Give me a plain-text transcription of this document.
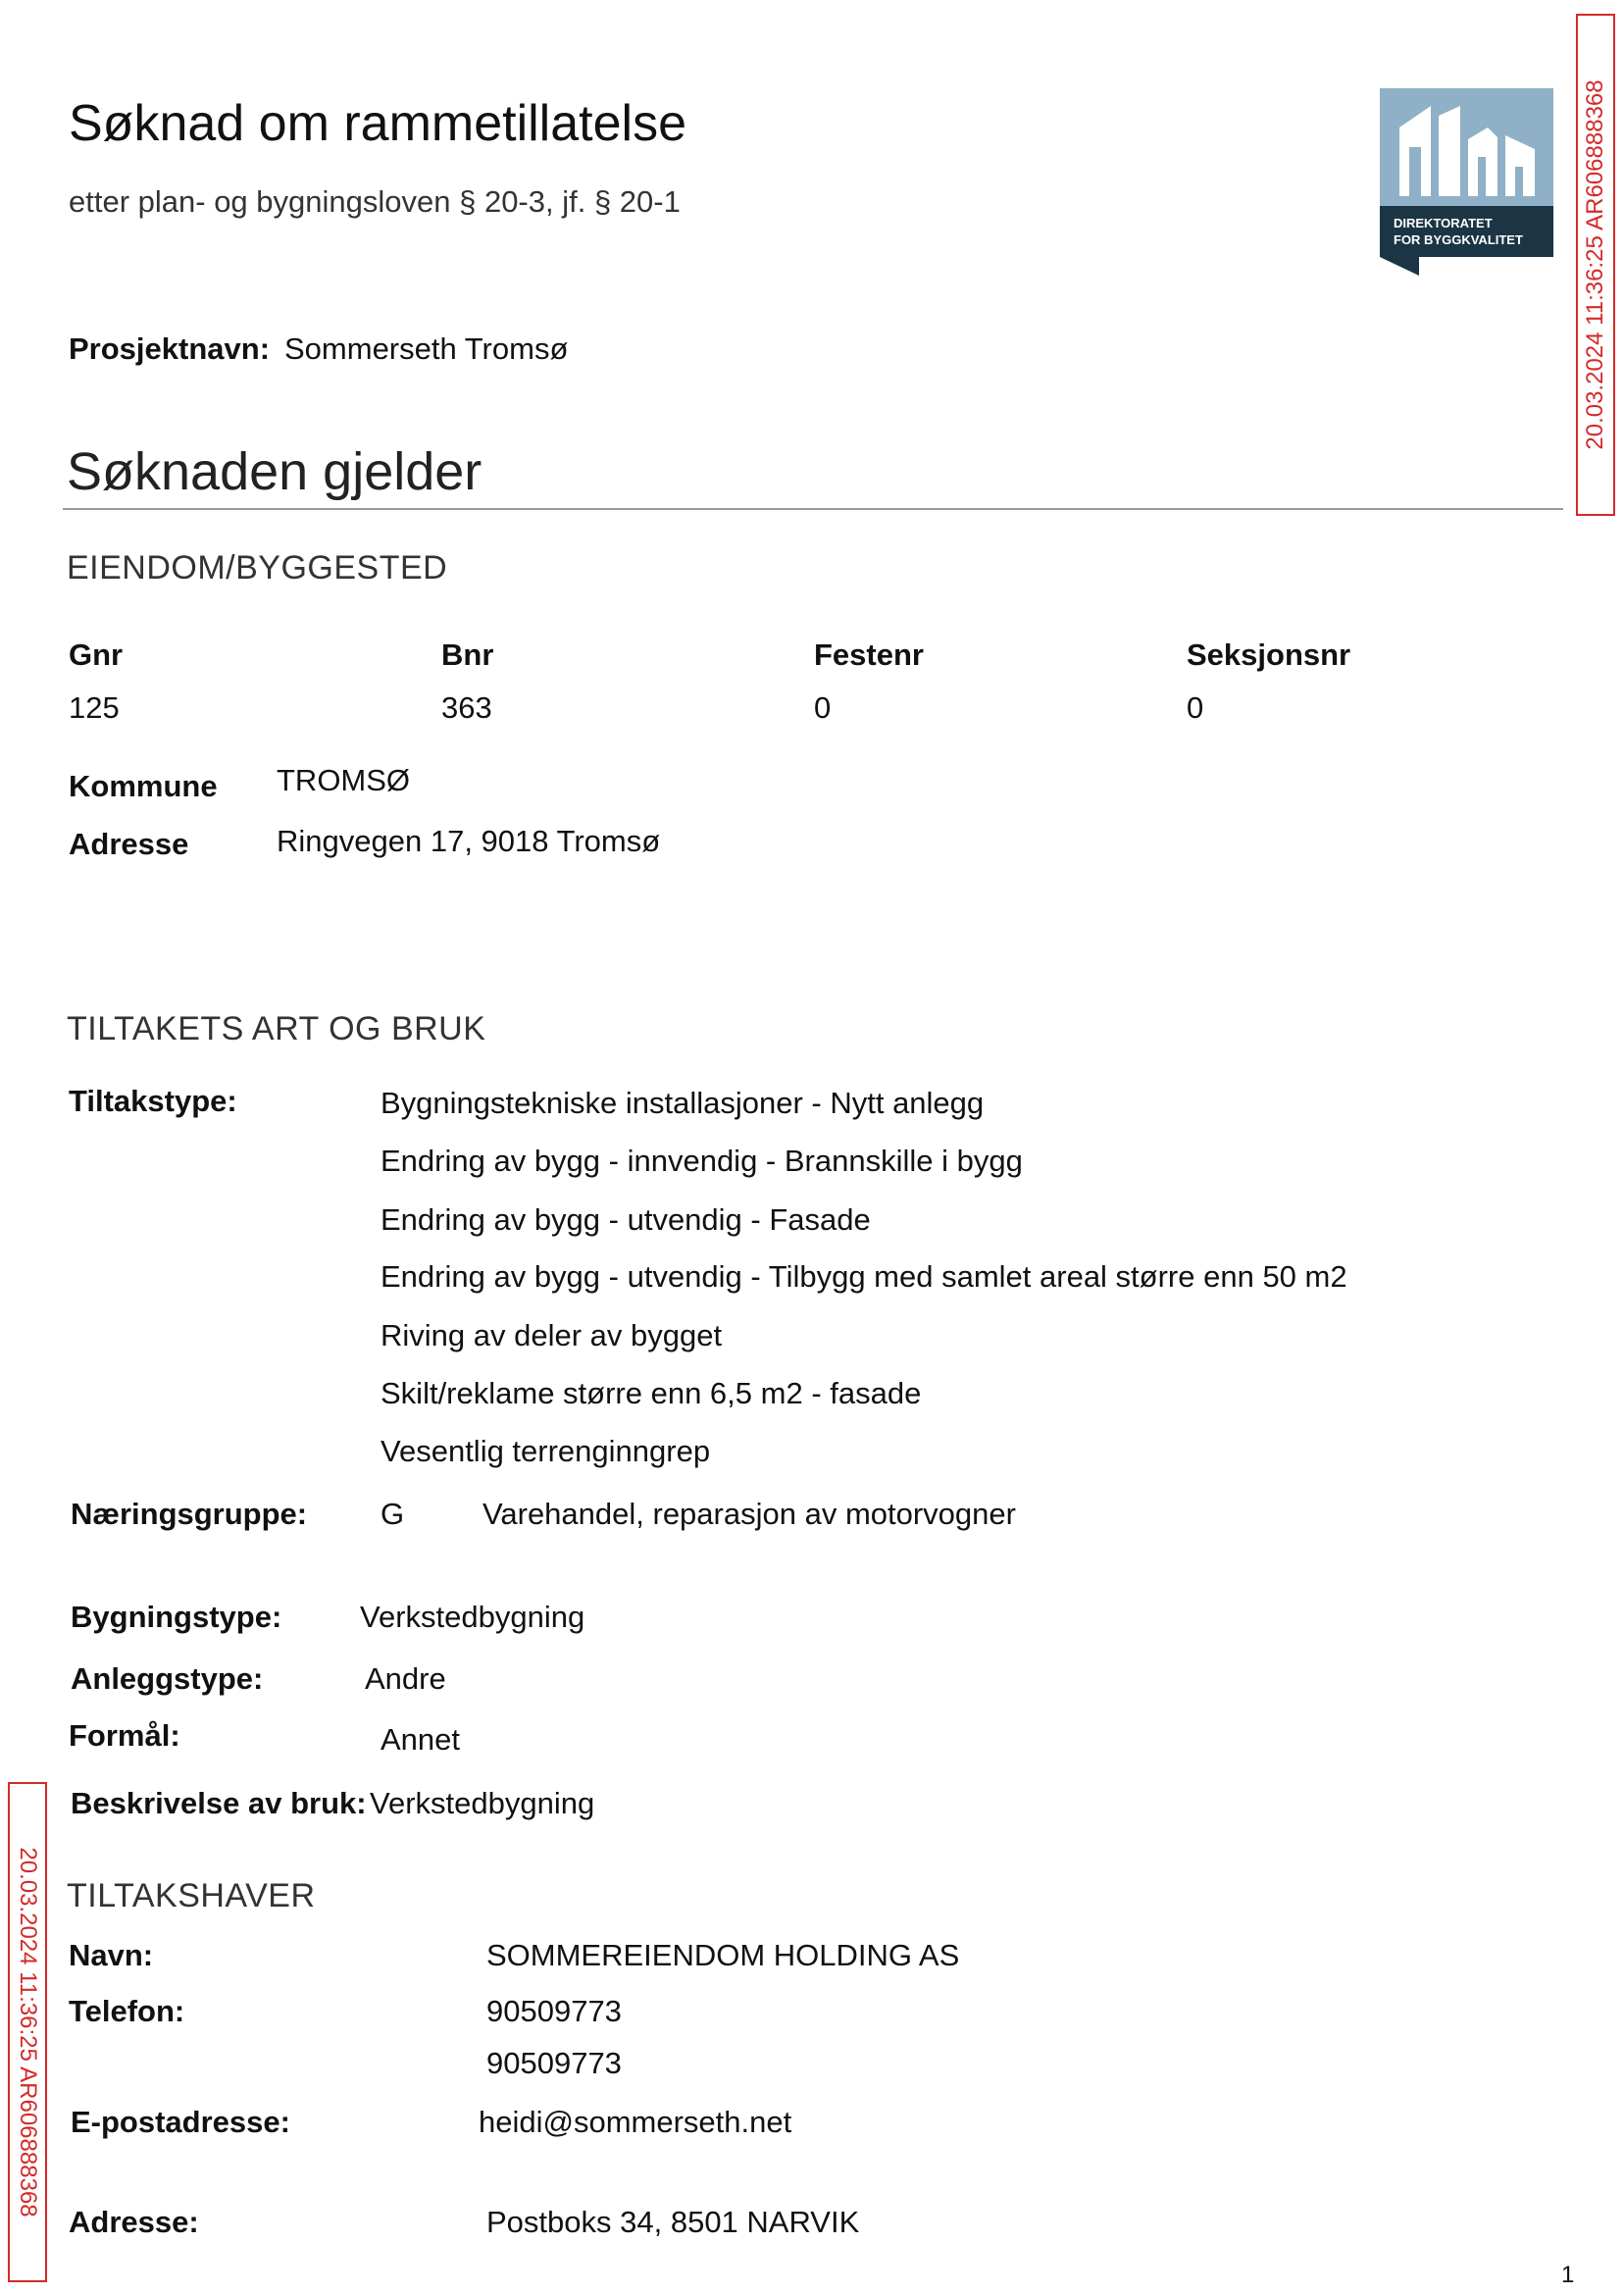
Søknad om rammetillatelse
etter plan- og bygningsloven § 20-3, jf. § 20-1
DIREKTORATET
FOR BYGGKVALITET	20.03.2024 11:36:25 AR606888368
20.03.2024 11:36:25 AR606888368
Prosjektnavn: Sommerseth Tromsø
Søknaden gjelder
EIENDOM/BYGGESTED
Gnr	Bnr	Festenr	Seksjonsnr
125	363	0	0
Kommune TROMSØ
Adresse	Ringvegen 17, 9018 Tromsø
TILTAKETS ART OG BRUK
Tiltakstype:	Bygningstekniske installasjoner - Nytt anlegg
Endring av bygg - innvendig - Brannskille i bygg
Endring av bygg - utvendig - Fasade
Endring av bygg - utvendig - Tilbygg med samlet areal større enn 50 m2
Riving av deler av bygget
Skilt/reklame større enn 6,5 m2 - fasade
Vesentlig terrenginngrep
Næringsgruppe: G	Varehandel, reparasjon av motorvogner
Bygningstype:	Verkstedbygning
Anleggstype:	Andre
Formål:	Annet
Beskrivelse av bruk: Verkstedbygning
TILTAKSHAVER
Navn:	SOMMEREIENDOM HOLDING AS
Telefon:	90509773
90509773
E-postadresse:	heidi@sommerseth.net
Adresse:	Postboks 34, 8501 NARVIK
1
